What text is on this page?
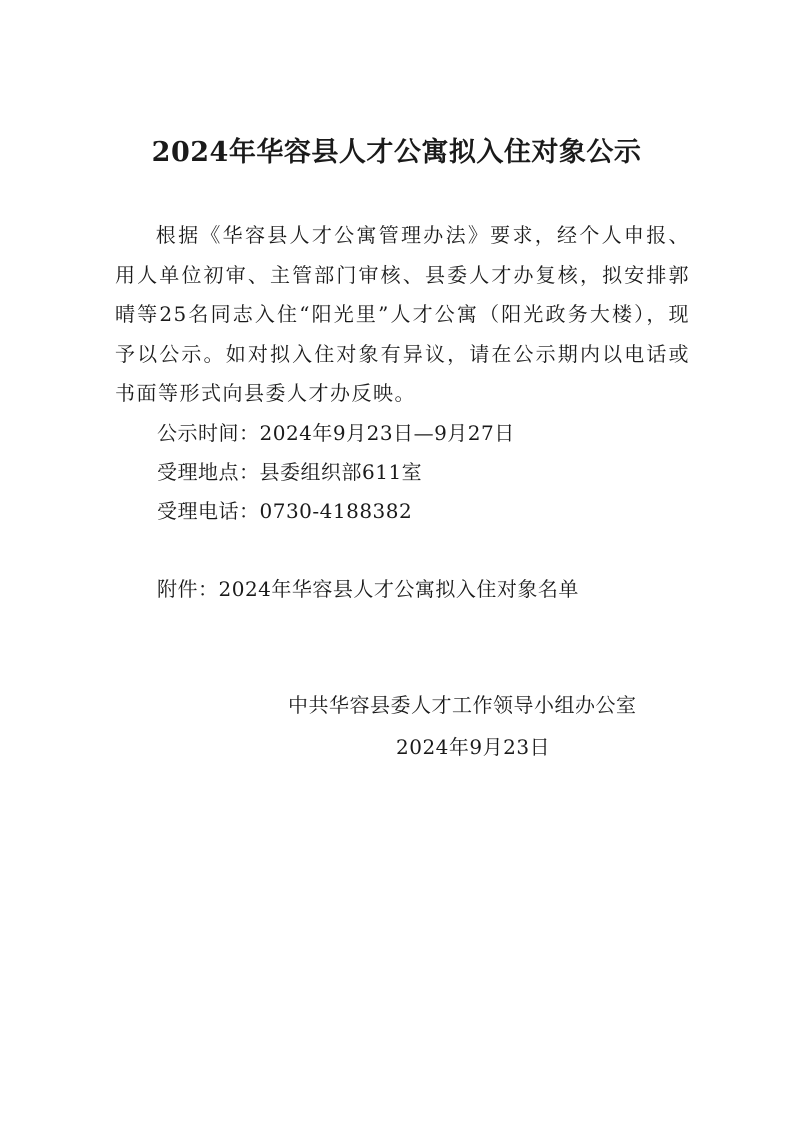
2024年华容县人才公寓拟入住对象公示

根据《华容县人才公寓管理办法》要求，经个人申报、用人单位初审、主管部门审核、县委人才办复核，拟安排郭晴等25名同志入住“阳光里”人才公寓（阳光政务大楼），现予以公示。如对拟入住对象有异议，请在公示期内以电话或书面等形式向县委人才办反映。

公示时间：2024年9月23日—9月27日
受理地点：县委组织部611室
受理电话：0730-4188382
附件：2024年华容县人才公寓拟入住对象名单
中共华容县委人才工作领导小组办公室
2024年9月23日
